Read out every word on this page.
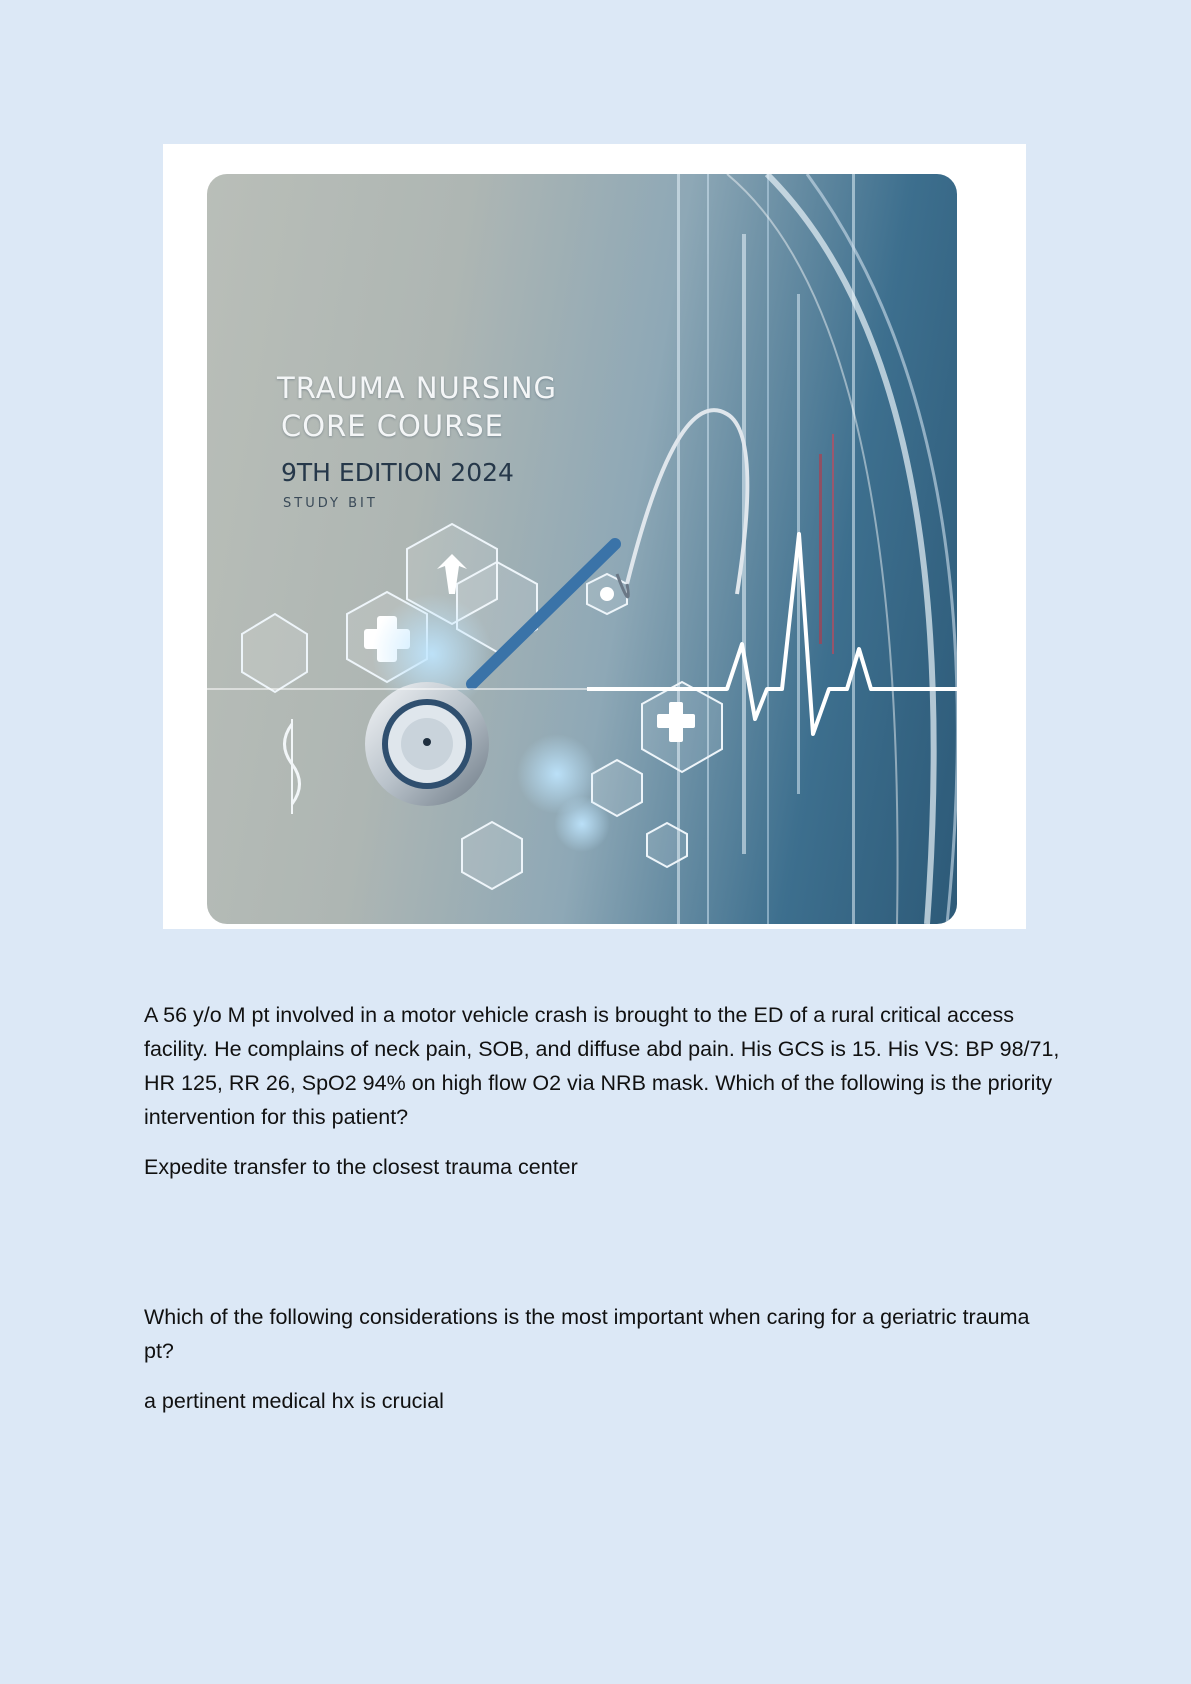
TRAUMA NURSING
CORE COURSE
9TH EDITION 2024
STUDY BIT

A 56 y/o M pt involved in a motor vehicle crash is brought to the ED of a rural critical access facility. He complains of neck pain, SOB, and diffuse abd pain. His GCS is 15. His VS: BP 98/71, HR 125, RR 26, SpO2 94% on high flow O2 via NRB mask. Which of the following is the priority intervention for this patient?

Expedite transfer to the closest trauma center

Which of the following considerations is the most important when caring for a geriatric trauma pt?

a pertinent medical hx is crucial
